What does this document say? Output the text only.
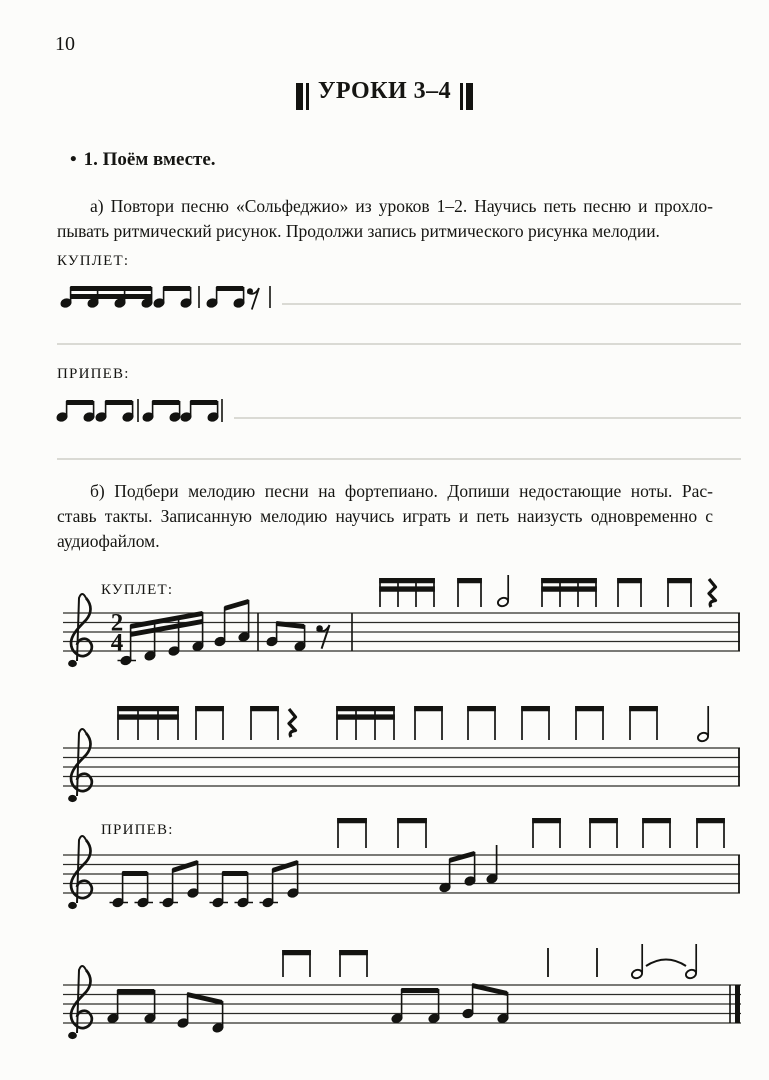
10
УРОКИ 3–4
• 1. Поём вместе.
а) Повтори песню «Сольфеджио» из уроков 1–2. Научись петь песню и прохло-
пывать ритмический рисунок. Продолжи запись ритмического рисунка мелодии.
КУПЛЕТ:
ПРИПЕВ:
б) Подбери мелодию песни на фортепиано. Допиши недостающие ноты. Рас-
ставь такты. Записанную мелодию научись играть и петь наизусть одновременно с
аудиофайлом.
КУПЛЕТ:
ПРИПЕВ:
2
4
